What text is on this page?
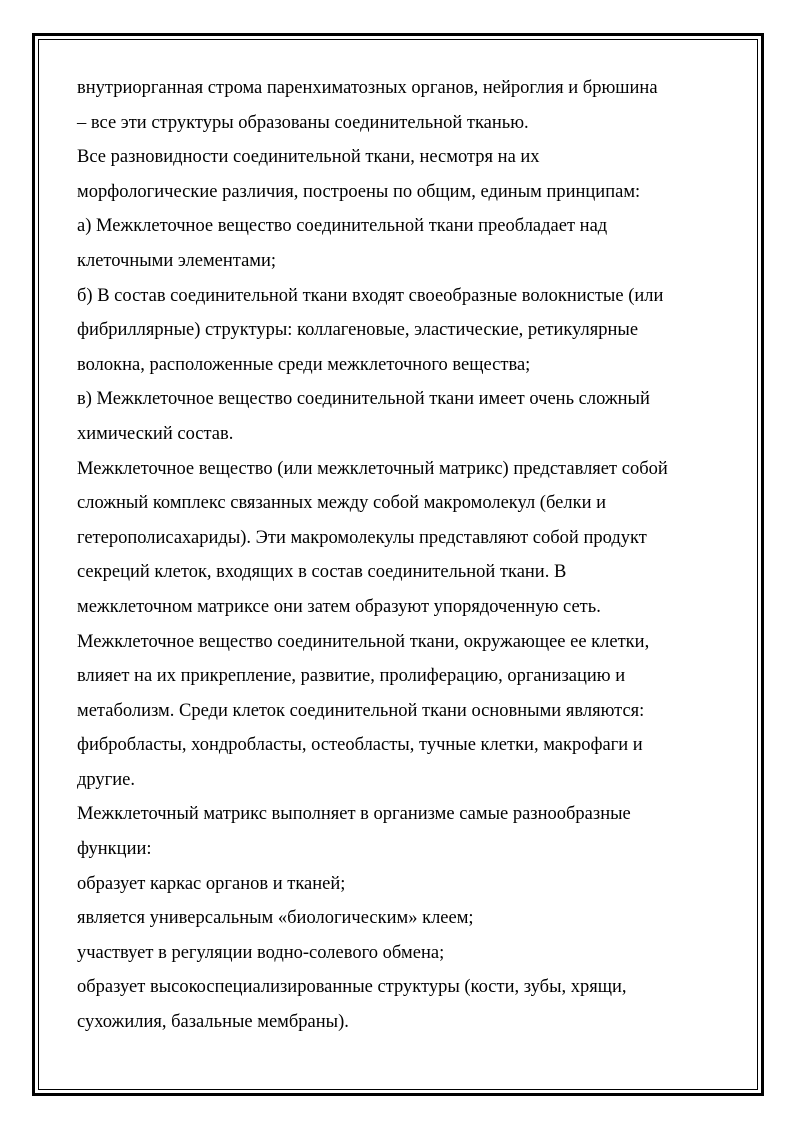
внутриорганная строма паренхиматозных органов, нейроглия и брюшина
– все эти структуры образованы соединительной тканью.
Все разновидности соединительной ткани, несмотря на их
морфологические различия, построены по общим, единым принципам:
а) Межклеточное вещество соединительной ткани преобладает над
клеточными элементами;
б) В состав соединительной ткани входят своеобразные волокнистые (или
фибриллярные) структуры: коллагеновые, эластические, ретикулярные
волокна, расположенные среди межклеточного вещества;
в) Межклеточное вещество соединительной ткани имеет очень сложный
химический состав.
Межклеточное вещество (или межклеточный матрикс) представляет собой
сложный комплекс связанных между собой макромолекул (белки и
гетерополисахариды). Эти макромолекулы представляют собой продукт
секреций клеток, входящих в состав соединительной ткани. В
межклеточном матриксе они затем образуют упорядоченную сеть.
Межклеточное вещество соединительной ткани, окружающее ее клетки,
влияет на их прикрепление, развитие, пролиферацию, организацию и
метаболизм. Среди клеток соединительной ткани основными являются:
фибробласты, хондробласты, остеобласты, тучные клетки, макрофаги и
другие.
Межклеточный матрикс выполняет в организме самые разнообразные
функции:
образует каркас органов и тканей;
является универсальным «биологическим» клеем;
участвует в регуляции водно-солевого обмена;
образует высокоспециализированные структуры (кости, зубы, хрящи,
сухожилия, базальные мембраны).
